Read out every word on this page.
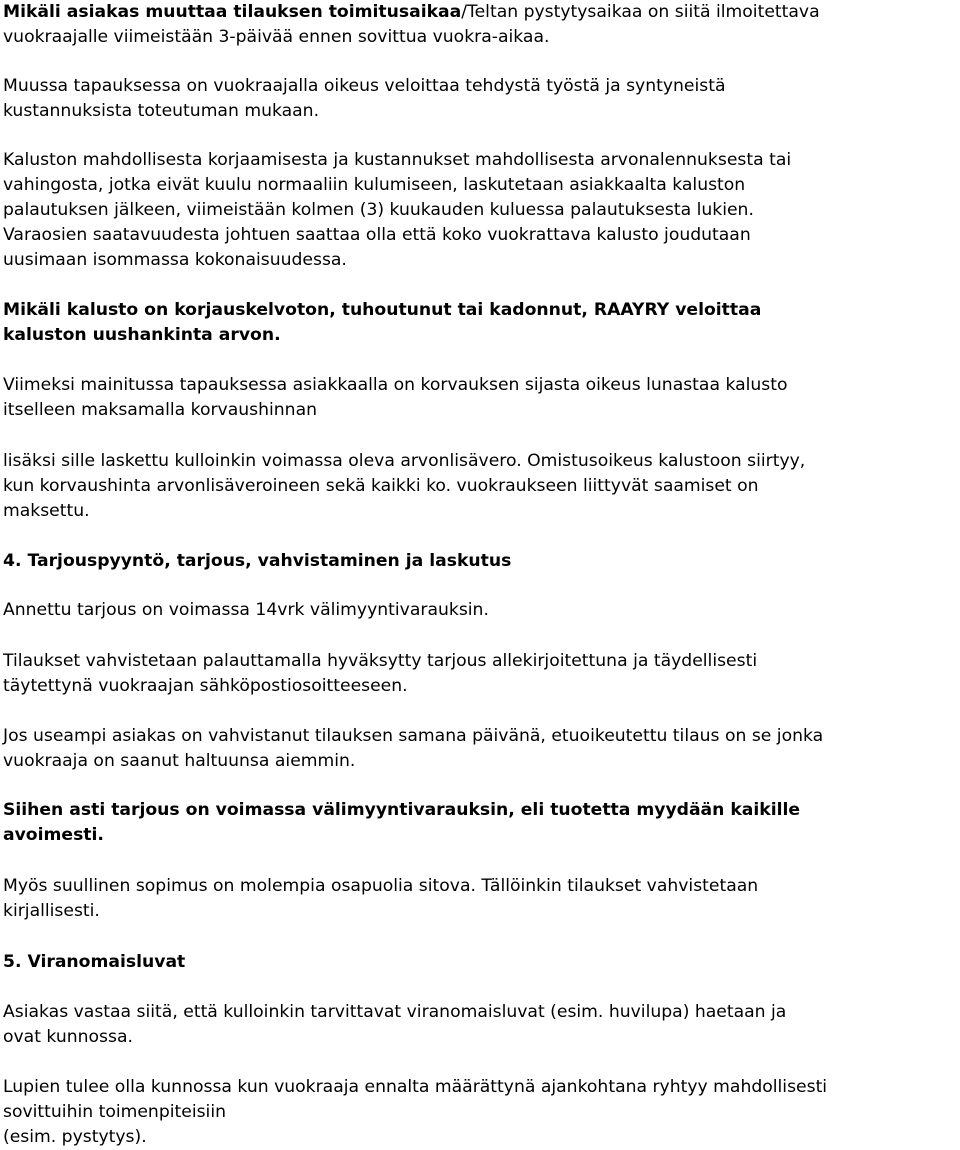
Mikäli asiakas muuttaa tilauksen toimitusaikaa/Teltan pystytysaikaa on siitä ilmoitettava
vuokraajalle viimeistään 3-päivää ennen sovittua vuokra-aikaa.

Muussa tapauksessa on vuokraajalla oikeus veloittaa tehdystä työstä ja syntyneistä
kustannuksista toteutuman mukaan.

Kaluston mahdollisesta korjaamisesta ja kustannukset mahdollisesta arvonalennuksesta tai
vahingosta, jotka eivät kuulu normaaliin kulumiseen, laskutetaan asiakkaalta kaluston
palautuksen jälkeen, viimeistään kolmen (3) kuukauden kuluessa palautuksesta lukien.
Varaosien saatavuudesta johtuen saattaa olla että koko vuokrattava kalusto joudutaan
uusimaan isommassa kokonaisuudessa.

Mikäli kalusto on korjauskelvoton, tuhoutunut tai kadonnut, RAAYRY veloittaa
kaluston uushankinta arvon.

Viimeksi mainitussa tapauksessa asiakkaalla on korvauksen sijasta oikeus lunastaa kalusto
itselleen maksamalla korvaushinnan

lisäksi sille laskettu kulloinkin voimassa oleva arvonlisävero. Omistusoikeus kalustoon siirtyy,
kun korvaushinta arvonlisäveroineen sekä kaikki ko. vuokraukseen liittyvät saamiset on
maksettu.

4. Tarjouspyyntö, tarjous, vahvistaminen ja laskutus

Annettu tarjous on voimassa 14vrk välimyyntivarauksin.

Tilaukset vahvistetaan palauttamalla hyväksytty tarjous allekirjoitettuna ja täydellisesti
täytettynä vuokraajan sähköpostiosoitteeseen.

Jos useampi asiakas on vahvistanut tilauksen samana päivänä, etuoikeutettu tilaus on se jonka
vuokraaja on saanut haltuunsa aiemmin.

Siihen asti tarjous on voimassa välimyyntivarauksin, eli tuotetta myydään kaikille
avoimesti.

Myös suullinen sopimus on molempia osapuolia sitova. Tällöinkin tilaukset vahvistetaan
kirjallisesti.

5. Viranomaisluvat

Asiakas vastaa siitä, että kulloinkin tarvittavat viranomaisluvat (esim. huvilupa) haetaan ja
ovat kunnossa.

Lupien tulee olla kunnossa kun vuokraaja ennalta määrättynä ajankohtana ryhtyy mahdollisesti
sovittuihin toimenpiteisiin
(esim. pystytys).
